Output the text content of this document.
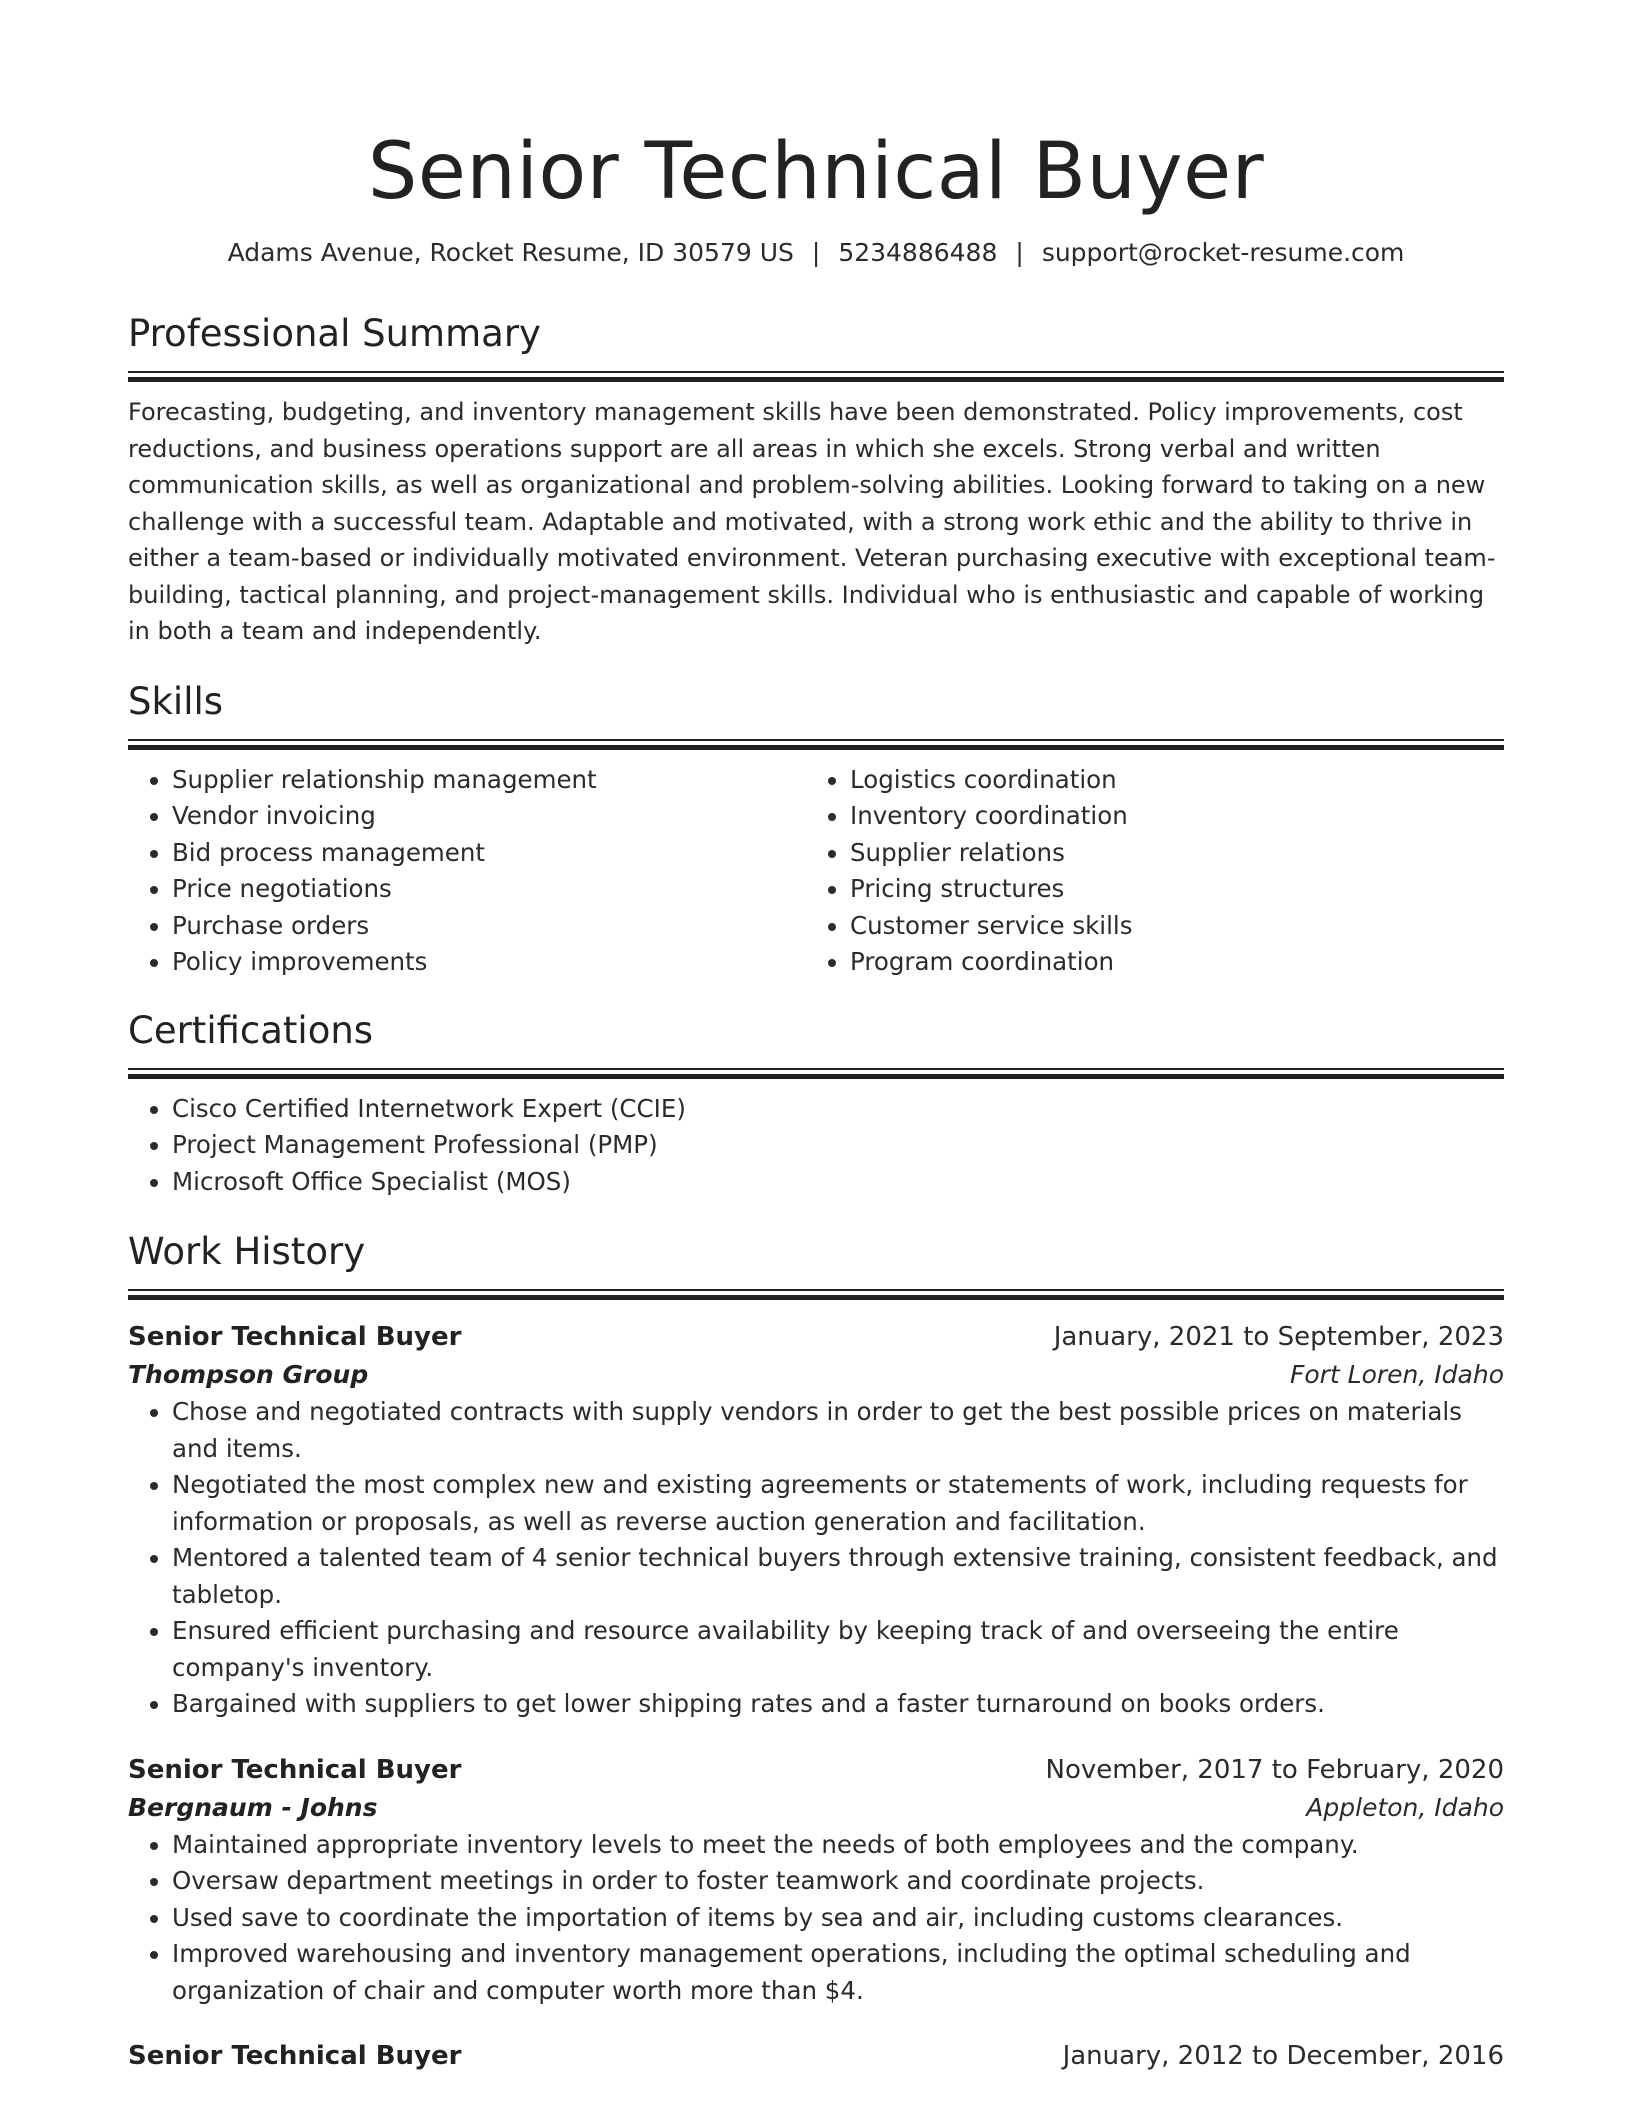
Senior Technical Buyer
Adams Avenue, Rocket Resume, ID 30579 US | 5234886488 | support@rocket-resume.com
Professional Summary

Forecasting, budgeting, and inventory management skills have been demonstrated. Policy improvements, cost reductions, and business operations support are all areas in which she excels. Strong verbal and written communication skills, as well as organizational and problem-solving abilities. Looking forward to taking on a new challenge with a successful team. Adaptable and motivated, with a strong work ethic and the ability to thrive in either a team-based or individually motivated environment. Veteran purchasing executive with exceptional team-building, tactical planning, and project-management skills. Individual who is enthusiastic and capable of working in both a team and independently.

Skills
• Supplier relationship management
• Vendor invoicing
• Bid process management
• Price negotiations
• Purchase orders
• Policy improvements
• Logistics coordination
• Inventory coordination
• Supplier relations
• Pricing structures
• Customer service skills
• Program coordination
Certifications
• Cisco Certified Internetwork Expert (CCIE)
• Project Management Professional (PMP)
• Microsoft Office Specialist (MOS)
Work History
Senior Technical Buyer	January, 2021 to September, 2023
Thompson Group	Fort Loren, Idaho
• Chose and negotiated contracts with supply vendors in order to get the best possible prices on materials and items.
• Negotiated the most complex new and existing agreements or statements of work, including requests for information or proposals, as well as reverse auction generation and facilitation.
• Mentored a talented team of 4 senior technical buyers through extensive training, consistent feedback, and tabletop.
• Ensured efficient purchasing and resource availability by keeping track of and overseeing the entire company's inventory.
• Bargained with suppliers to get lower shipping rates and a faster turnaround on books orders.
Senior Technical Buyer	November, 2017 to February, 2020
Bergnaum - Johns	Appleton, Idaho
• Maintained appropriate inventory levels to meet the needs of both employees and the company.
• Oversaw department meetings in order to foster teamwork and coordinate projects.
• Used save to coordinate the importation of items by sea and air, including customs clearances.
• Improved warehousing and inventory management operations, including the optimal scheduling and organization of chair and computer worth more than $4.
Senior Technical Buyer	January, 2012 to December, 2016
